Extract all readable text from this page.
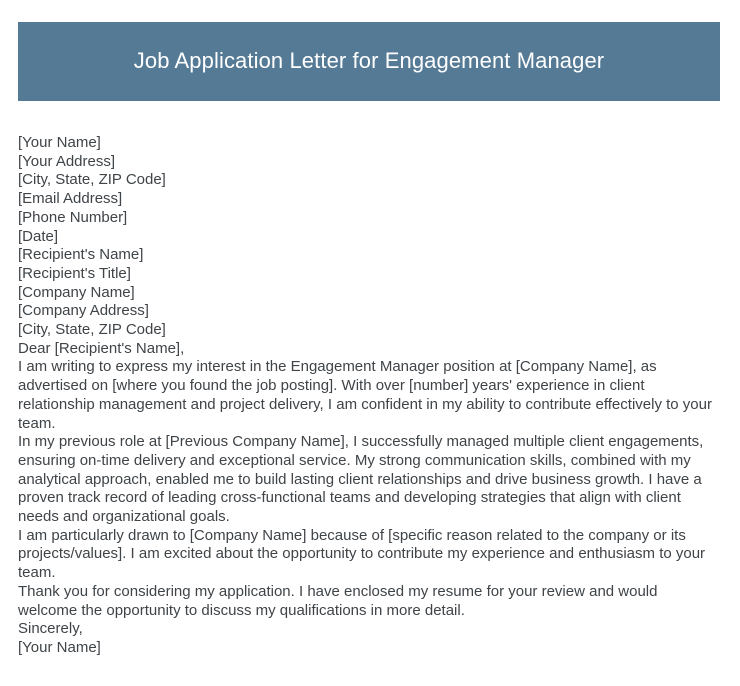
Job Application Letter for Engagement Manager
[Your Name]
[Your Address]
[City, State, ZIP Code]
[Email Address]
[Phone Number]
[Date]
[Recipient's Name]
[Recipient's Title]
[Company Name]
[Company Address]
[City, State, ZIP Code]
Dear [Recipient's Name],

I am writing to express my interest in the Engagement Manager position at [Company Name], as advertised on [where you found the job posting]. With over [number] years' experience in client relationship management and project delivery, I am confident in my ability to contribute effectively to your team.

In my previous role at [Previous Company Name], I successfully managed multiple client engagements, ensuring on-time delivery and exceptional service. My strong communication skills, combined with my analytical approach, enabled me to build lasting client relationships and drive business growth. I have a proven track record of leading cross-functional teams and developing strategies that align with client needs and organizational goals.

I am particularly drawn to [Company Name] because of [specific reason related to the company or its projects/values]. I am excited about the opportunity to contribute my experience and enthusiasm to your team.

Thank you for considering my application. I have enclosed my resume for your review and would welcome the opportunity to discuss my qualifications in more detail.

Sincerely,
[Your Name]
